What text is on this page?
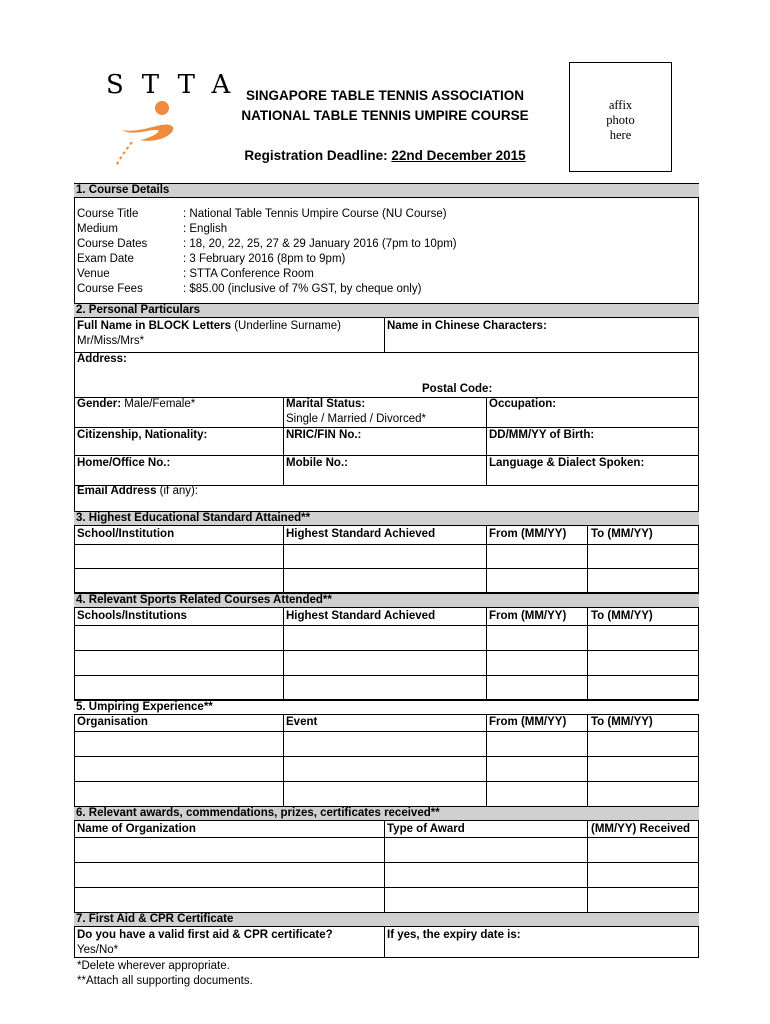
STTA
SINGAPORE TABLE TENNIS ASSOCIATION
NATIONAL TABLE TENNIS UMPIRE COURSE
Registration Deadline: 22nd December 2015
affix
photo
here
1. Course Details
Course Title	: National Table Tennis Umpire Course (NU Course)
Medium	: English
Course Dates	: 18, 20, 22, 25, 27 & 29 January 2016 (7pm to 10pm)
Exam Date	: 3 February 2016 (8pm to 9pm)
Venue	: STTA Conference Room
Course Fees	: $85.00 (inclusive of 7% GST, by cheque only)
2. Personal Particulars
Full Name in BLOCK Letters (Underline Surname)
Mr/Miss/Mrs*
Name in Chinese Characters:
Address:
Postal Code:
Gender: Male/Female*	Marital Status:
Single / Married / Divorced*
Occupation:
Citizenship, Nationality:	NRIC/FIN No.:	DD/MM/YY of Birth:
Home/Office No.:	Mobile No.:	Language & Dialect Spoken:
Email Address (if any):
3. Highest Educational Standard Attained**
School/Institution	Highest Standard Achieved	From (MM/YY) To (MM/YY)
4. Relevant Sports Related Courses Attended**
Schools/Institutions	Highest Standard Achieved	From (MM/YY) To (MM/YY)
5. Umpiring Experience**
Organisation	Event	From (MM/YY) To (MM/YY)
6. Relevant awards, commendations, prizes, certificates received**
Name of Organization	Type of Award	(MM/YY) Received
7. First Aid & CPR Certificate
Do you have a valid first aid & CPR certificate?
Yes/No*
If yes, the expiry date is:
*Delete wherever appropriate.
**Attach all supporting documents.
